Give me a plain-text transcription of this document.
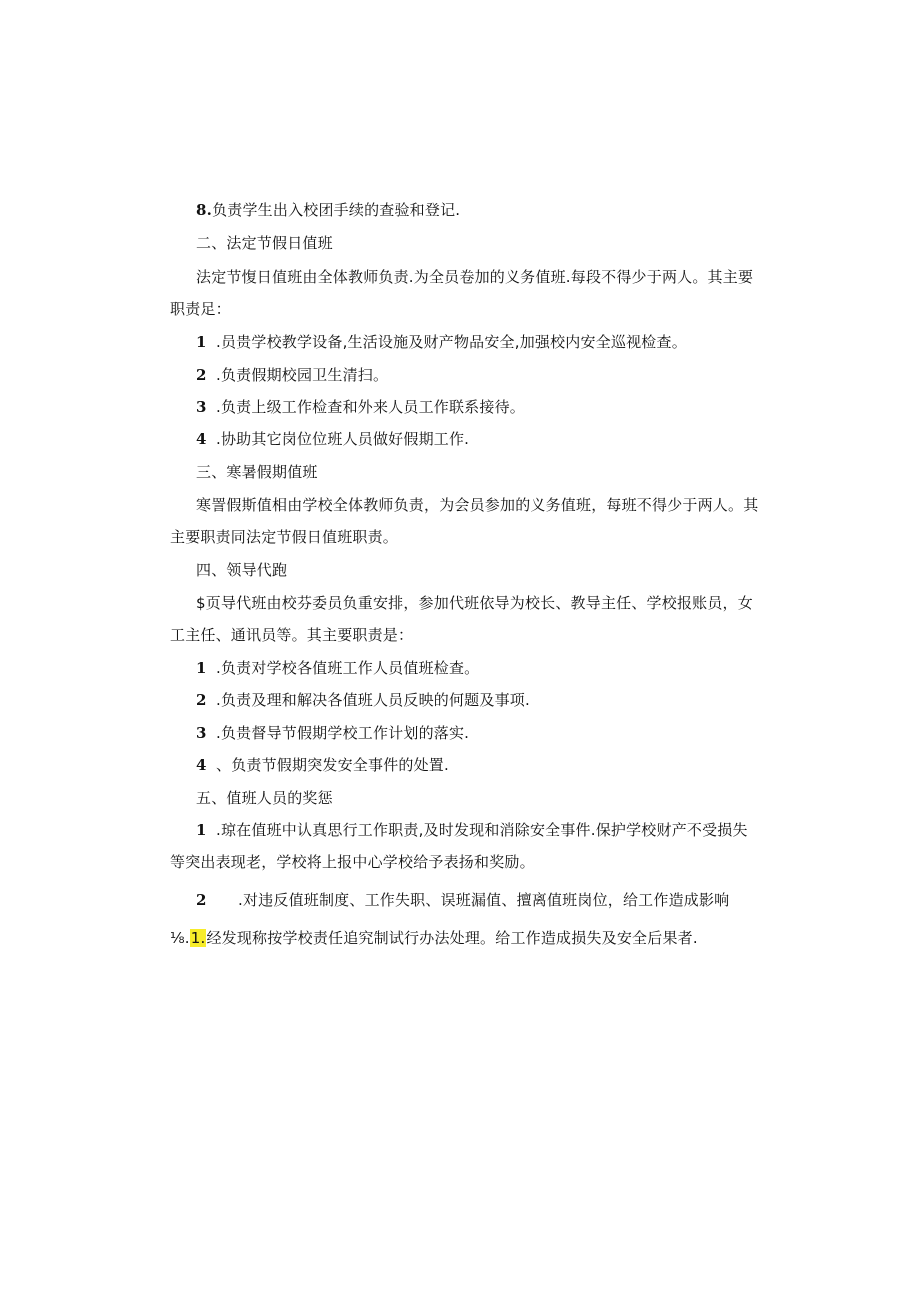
8.负责学生出入校团手续的查验和登记.
二、法定节假日值班
法定节愎日值班由全体教师负责.为全员卷加的义务值班.每段不得少于两人。其主要
职责足：
1 .员贵学校教学设备,生活设施及财产物品安全,加强校内安全巡视检查。
2 .负责假期校园卫生清扫。
3 .负责上级工作检查和外来人员工作联系接待。
4 .协助其它岗位位班人员做好假期工作.
三、寒暑假期值班
寒詈假斯值相由学校全体教师负责，为会员参加的义务值班，每班不得少于两人。其
主要职责同法定节假日值班职责。
四、领导代跑
$页导代班由校芬委员负重安排，参加代班依导为校长、教导主任、学校报账员，女
工主任、通讯员等。其主要职责是：
1 .负责对学校各值班工作人员值班检查。
2 .负责及理和解决各值班人员反映的何题及事项.
3 .负贵督导节假期学校工作计划的落实.
4 、负责节假期突发安全事件的处置.
五、值班人员的奖惩
1 .琼在值班中认真思行工作职责,及时发现和消除安全事件.保护学校财产不受损失
等突出表现老，学校将上报中心学校给予表扬和奖励。
2 .对违反值班制度、工作失职、误班漏值、擅离值班岗位，给工作造成影响
⅛.1.经发现称按学校责任追究制试行办法处理。给工作造成损失及安全后果者.
